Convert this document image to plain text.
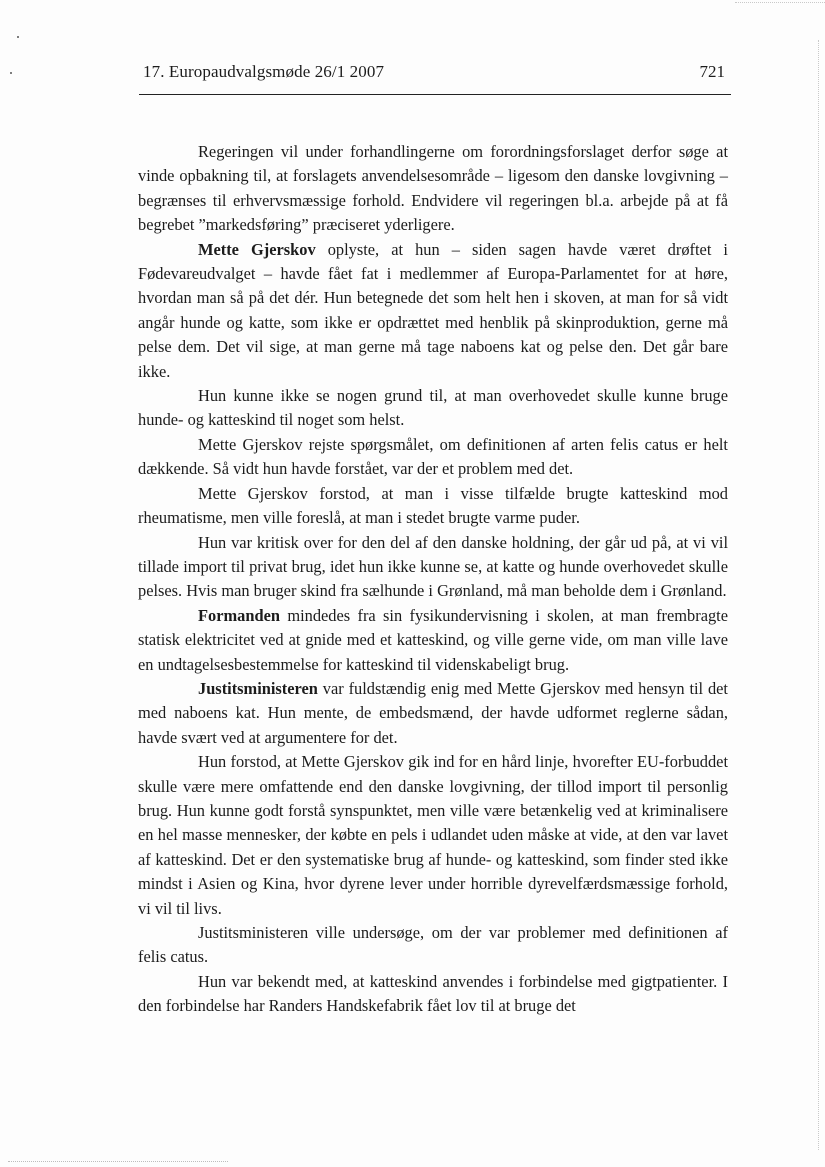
17. Europaudvalgsmøde 26/1 2007	721

Regeringen vil under forhandlingerne om forordningsforslaget derfor søge at vinde opbakning til, at forslagets anvendelsesområde – ligesom den danske lovgivning – begrænses til erhvervsmæssige forhold. Endvidere vil regeringen bl.a. arbejde på at få begrebet ”markedsføring” præciseret yderligere.

Mette Gjerskov oplyste, at hun – siden sagen havde været drøftet i Fødevareudvalget – havde fået fat i medlemmer af Europa-Parlamentet for at høre, hvordan man så på det dér. Hun betegnede det som helt hen i skoven, at man for så vidt angår hunde og katte, som ikke er opdrættet med henblik på skinproduktion, gerne må pelse dem. Det vil sige, at man gerne må tage naboens kat og pelse den. Det går bare ikke.

Hun kunne ikke se nogen grund til, at man overhovedet skulle kunne bruge hunde- og katteskind til noget som helst.

Mette Gjerskov rejste spørgsmålet, om definitionen af arten felis catus er helt dækkende. Så vidt hun havde forstået, var der et problem med det.

Mette Gjerskov forstod, at man i visse tilfælde brugte katteskind mod rheumatisme, men ville foreslå, at man i stedet brugte varme puder.

Hun var kritisk over for den del af den danske holdning, der går ud på, at vi vil tillade import til privat brug, idet hun ikke kunne se, at katte og hunde overhovedet skulle pelses. Hvis man bruger skind fra sælhunde i Grønland, må man beholde dem i Grønland.

Formanden mindedes fra sin fysikundervisning i skolen, at man frembragte statisk elektricitet ved at gnide med et katteskind, og ville gerne vide, om man ville lave en undtagelsesbestemmelse for katteskind til videnskabeligt brug.

Justitsministeren var fuldstændig enig med Mette Gjerskov med hensyn til det med naboens kat. Hun mente, de embedsmænd, der havde udformet reglerne sådan, havde svært ved at argumentere for det.

Hun forstod, at Mette Gjerskov gik ind for en hård linje, hvorefter EU-forbuddet skulle være mere omfattende end den danske lovgivning, der tillod import til personlig brug. Hun kunne godt forstå synspunktet, men ville være betænkelig ved at kriminalisere en hel masse mennesker, der købte en pels i udlandet uden måske at vide, at den var lavet af katteskind. Det er den systematiske brug af hunde- og katteskind, som finder sted ikke mindst i Asien og Kina, hvor dyrene lever under horrible dyrevelfærdsmæssige forhold, vi vil til livs.

Justitsministeren ville undersøge, om der var problemer med definitionen af felis catus.

Hun var bekendt med, at katteskind anvendes i forbindelse med gigtpatienter. I den forbindelse har Randers Handskefabrik fået lov til at bruge det
